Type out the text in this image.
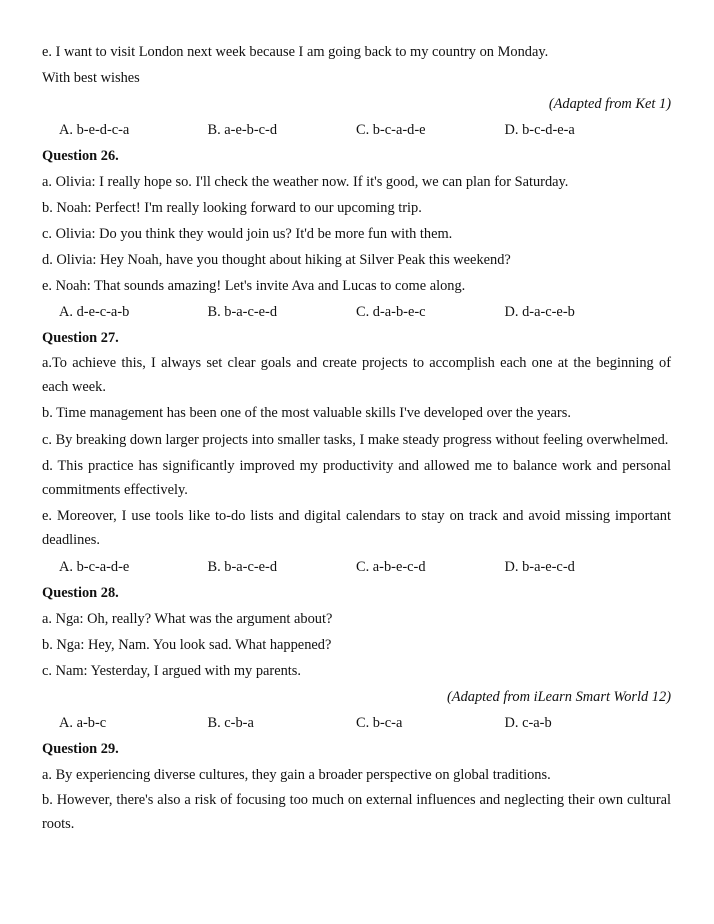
e. I want to visit London next week because I am going back to my country on Monday.
With best wishes
(Adapted from Ket 1)
A. b-e-d-c-a	B. a-e-b-c-d	C. b-c-a-d-e	D. b-c-d-e-a
Question 26.
a. Olivia: I really hope so. I'll check the weather now. If it's good, we can plan for Saturday.
b. Noah: Perfect! I'm really looking forward to our upcoming trip.
c. Olivia: Do you think they would join us? It'd be more fun with them.
d. Olivia: Hey Noah, have you thought about hiking at Silver Peak this weekend?
e. Noah: That sounds amazing! Let's invite Ava and Lucas to come along.
A. d-e-c-a-b	B. b-a-c-e-d	C. d-a-b-e-c	D. d-a-c-e-b
Question 27.
a.To achieve this, I always set clear goals and create projects to accomplish each one at the beginning of each week.
b. Time management has been one of the most valuable skills I've developed over the years.
c. By breaking down larger projects into smaller tasks, I make steady progress without feeling overwhelmed.
d. This practice has significantly improved my productivity and allowed me to balance work and personal commitments effectively.
e. Moreover, I use tools like to-do lists and digital calendars to stay on track and avoid missing important deadlines.
A. b-c-a-d-e	B. b-a-c-e-d	C. a-b-e-c-d	D. b-a-e-c-d
Question 28.
a. Nga: Oh, really? What was the argument about?
b. Nga: Hey, Nam. You look sad. What happened?
c. Nam: Yesterday, I argued with my parents.
(Adapted from iLearn Smart World 12)
A. a-b-c	B. c-b-a	C. b-c-a	D. c-a-b
Question 29.
a. By experiencing diverse cultures, they gain a broader perspective on global traditions.
b. However, there's also a risk of focusing too much on external influences and neglecting their own cultural roots.
